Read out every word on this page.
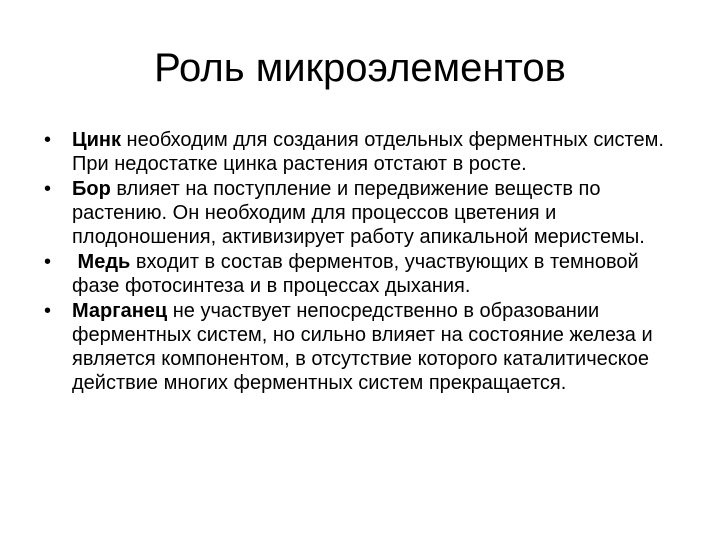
Роль микроэлементов
•	Цинк необходим для создания отдельных ферментных систем. При недостатке цинка растения отстают в росте.
•	Бор влияет на поступление и передвижение веществ по растению. Он необходим для процессов цветения и плодоношения, активизирует работу апикальной меристемы.
•	Медь входит в состав ферментов, участвующих в темновой фазе фотосинтеза и в процессах дыхания.
•	Марганец не участвует непосредственно в образовании ферментных систем, но сильно влияет на состояние железа и является компонентом, в отсутствие которого каталитическое действие многих ферментных систем прекращается.
